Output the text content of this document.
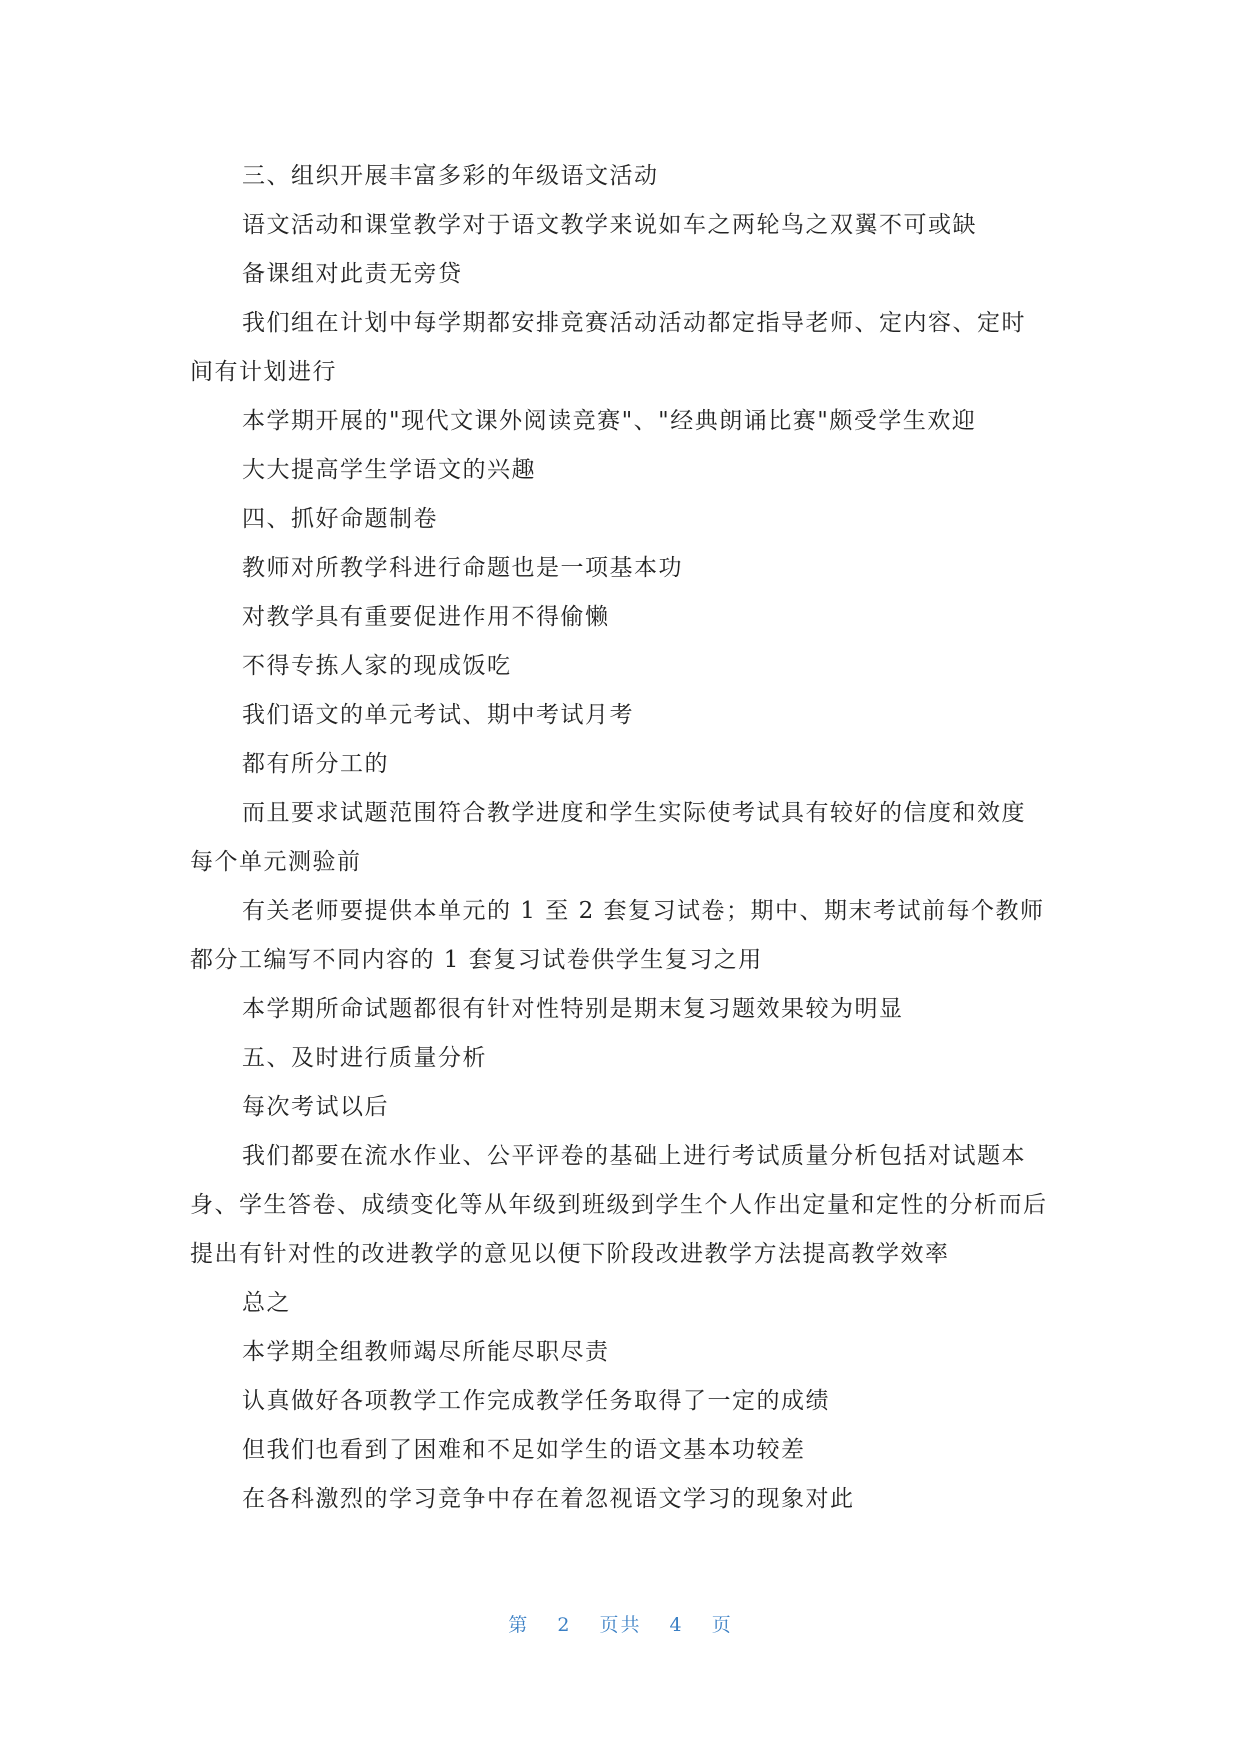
三、组织开展丰富多彩的年级语文活动

语文活动和课堂教学对于语文教学来说如车之两轮鸟之双翼不可或缺

备课组对此责无旁贷

我们组在计划中每学期都安排竞赛活动活动都定指导老师、定内容、定时间有计划进行

本学期开展的"现代文课外阅读竞赛"、"经典朗诵比赛"颇受学生欢迎

大大提高学生学语文的兴趣

四、抓好命题制卷

教师对所教学科进行命题也是一项基本功

对教学具有重要促进作用不得偷懒

不得专拣人家的现成饭吃

我们语文的单元考试、期中考试月考

都有所分工的

而且要求试题范围符合教学进度和学生实际使考试具有较好的信度和效度每个单元测验前

有关老师要提供本单元的 1 至 2 套复习试卷；期中、期末考试前每个教师都分工编写不同内容的 1 套复习试卷供学生复习之用

本学期所命试题都很有针对性特别是期末复习题效果较为明显

五、及时进行质量分析

每次考试以后

我们都要在流水作业、公平评卷的基础上进行考试质量分析包括对试题本身、学生答卷、成绩变化等从年级到班级到学生个人作出定量和定性的分析而后提出有针对性的改进教学的意见以便下阶段改进教学方法提高教学效率

总之

本学期全组教师竭尽所能尽职尽责

认真做好各项教学工作完成教学任务取得了一定的成绩

但我们也看到了困难和不足如学生的语文基本功较差

在各科激烈的学习竞争中存在着忽视语文学习的现象对此

第 2 页共 4 页
